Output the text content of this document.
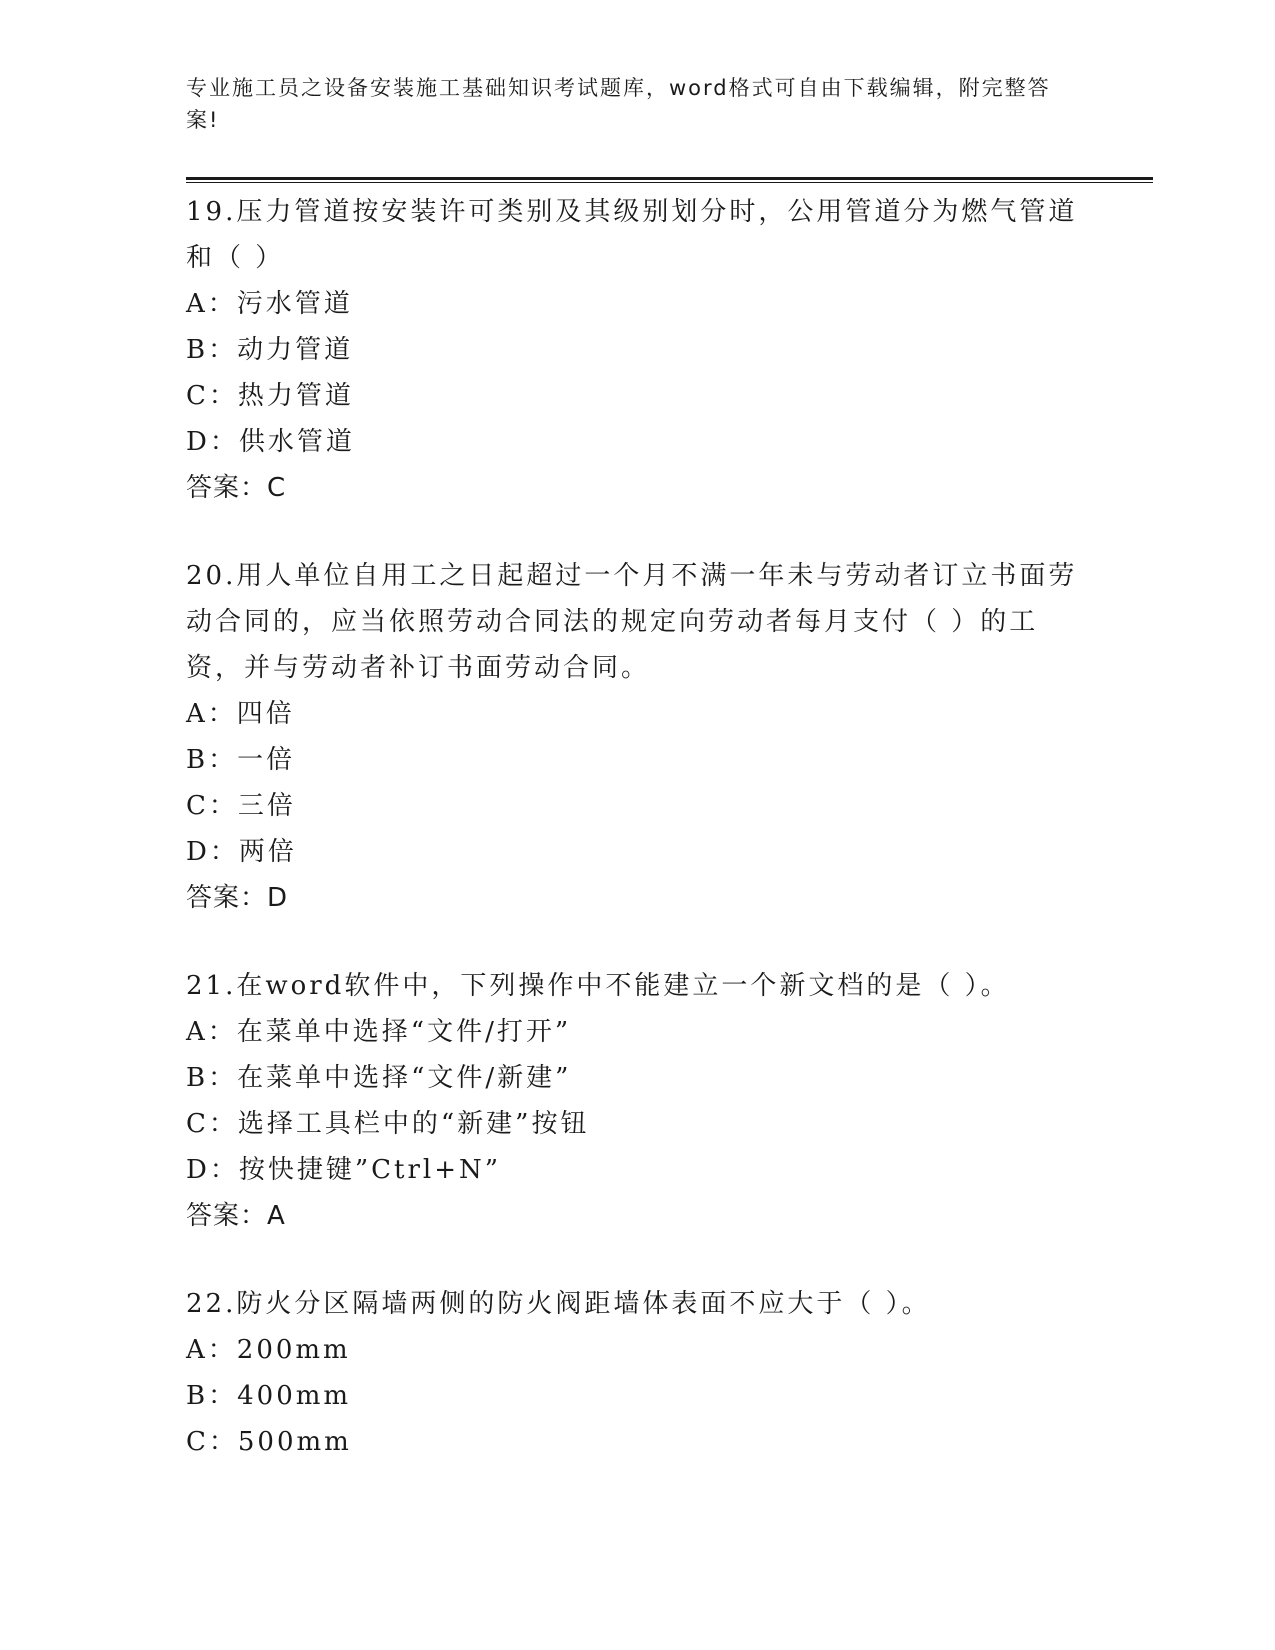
专业施工员之设备安装施工基础知识考试题库，word格式可自由下载编辑，附完整答案!

19.压力管道按安装许可类别及其级别划分时，公用管道分为燃气管道和（ ）

A：污水管道

B：动力管道

C：热力管道

D：供水管道

答案：C

20.用人单位自用工之日起超过一个月不满一年未与劳动者订立书面劳动合同的，应当依照劳动合同法的规定向劳动者每月支付（ ）的工资，并与劳动者补订书面劳动合同。

A：四倍

B：一倍

C：三倍

D：两倍

答案：D

21.在word软件中，下列操作中不能建立一个新文档的是（ ）。

A：在菜单中选择“文件/打开”

B：在菜单中选择“文件/新建”

C：选择工具栏中的“新建”按钮

D：按快捷键”Ctrl+N”

答案：A

22.防火分区隔墙两侧的防火阀距墙体表面不应大于（ ）。

A：200mm

B：400mm

C：500mm
